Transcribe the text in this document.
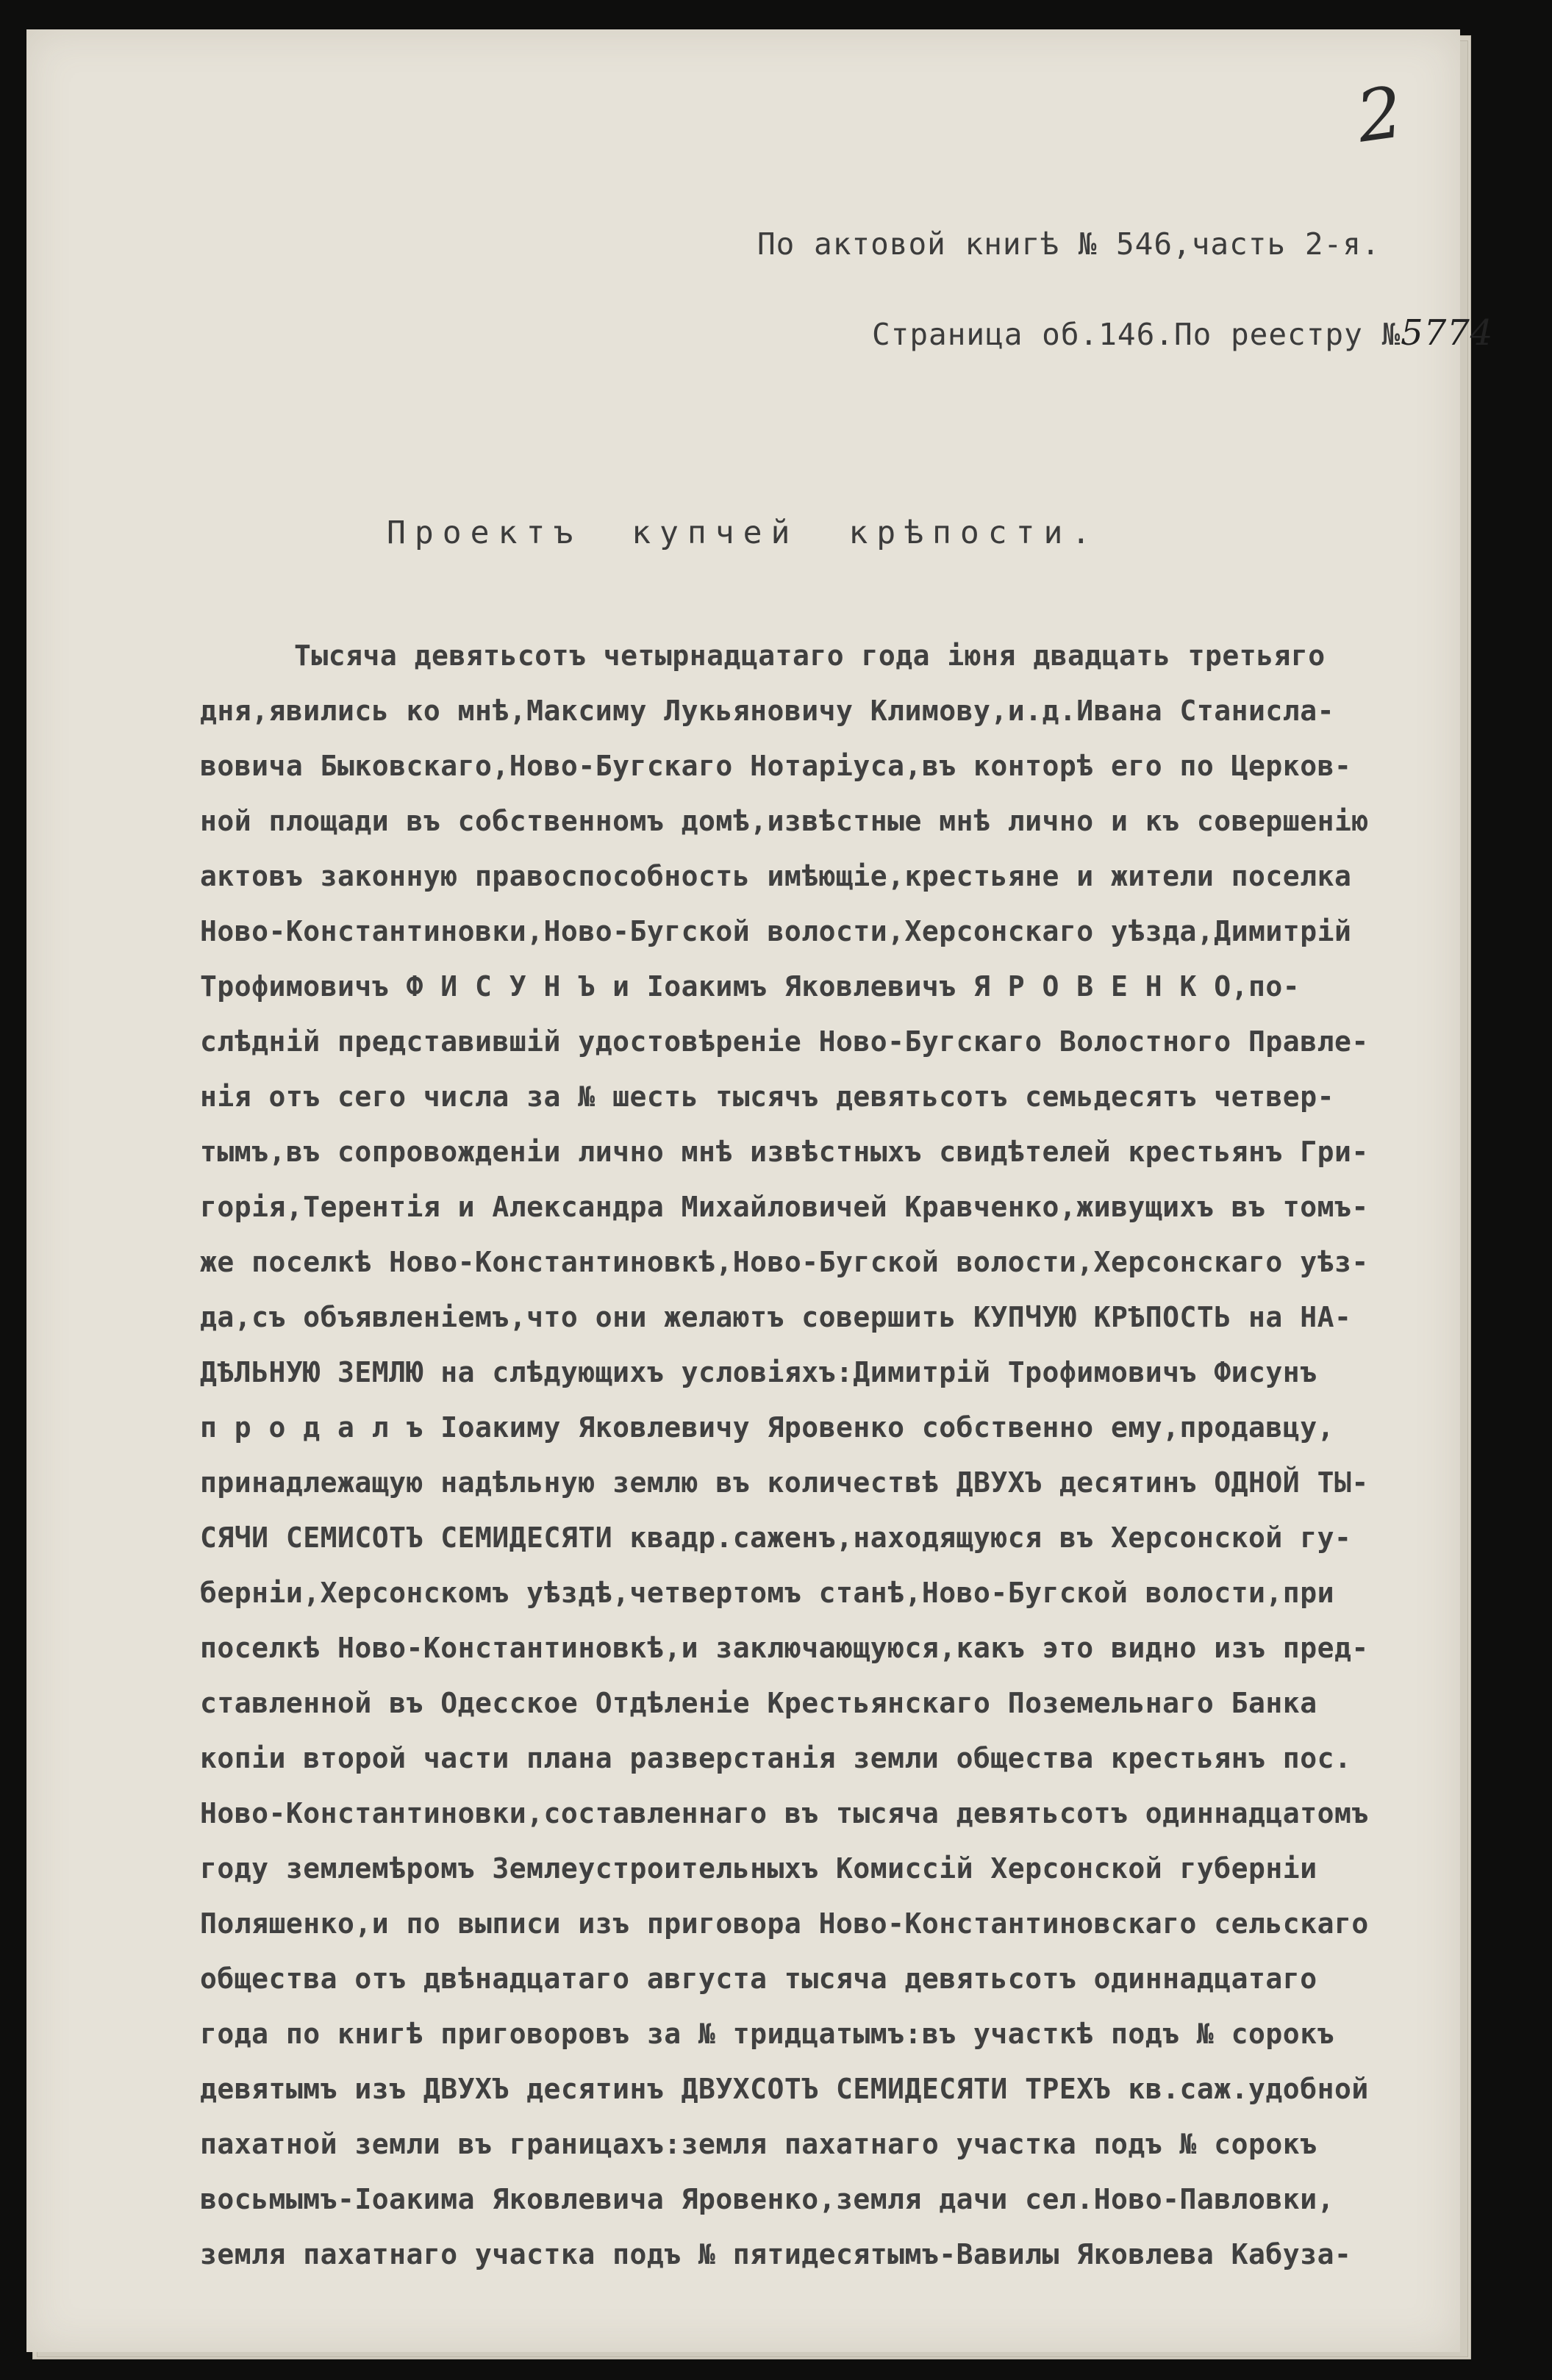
2
По актовой книгѣ № 546,часть 2-я.
Страница об.146.По реестру №5774
Проектъ купчей крѣпости.
Тысяча девятьсотъ четырнадцатаго года iюня двадцать третьяго
дня,явились ко мнѣ,Максиму Лукьяновичу Климову,и.д.Ивана Станисла-
вовича Быковскаго,Ново-Бугскаго Нотарiуса,въ конторѣ его по Церков-
ной площади въ собственномъ домѣ,извѣстные мнѣ лично и къ совершенiю
актовъ законную правоспособность имѣющiе,крестьяне и жители поселка
Ново-Константиновки,Ново-Бугской волости,Херсонскаго уѣзда,Димитрiй
Трофимовичъ Ф И С У Н Ъ и Iоакимъ Яковлевичъ Я Р О В Е Н К О,по-
слѣднiй представившiй удостовѣренiе Ново-Бугскаго Волостного Правле-
нiя отъ сего числа за № шесть тысячъ девятьсотъ семьдесятъ четвер-
тымъ,въ сопровожденiи лично мнѣ извѣстныхъ свидѣтелей крестьянъ Гри-
горiя,Терентiя и Александра Михайловичей Кравченко,живущихъ въ томъ-
же поселкѣ Ново-Константиновкѣ,Ново-Бугской волости,Херсонскаго уѣз-
да,съ объявленiемъ,что они желаютъ совершить КУПЧУЮ КРѢПОСТЬ на НА-
ДѢЛЬНУЮ ЗЕМЛЮ на слѣдующихъ условiяхъ:Димитрiй Трофимовичъ Фисунъ
п р о д а л ъ Iоакиму Яковлевичу Яровенко собственно ему,продавцу,
принадлежащую надѣльную землю въ количествѣ ДВУХЪ десятинъ ОДНОЙ ТЫ-
СЯЧИ СЕМИСОТЪ СЕМИДЕСЯТИ квадр.саженъ,находящуюся въ Херсонской гу-
бернiи,Херсонскомъ уѣздѣ,четвертомъ станѣ,Ново-Бугской волости,при
поселкѣ Ново-Константиновкѣ,и заключающуюся,какъ это видно изъ пред-
ставленной въ Одесское Отдѣленiе Крестьянскаго Поземельнаго Банка
копiи второй части плана разверстанiя земли общества крестьянъ пос.
Ново-Константиновки,составленнаго въ тысяча девятьсотъ одиннадцатомъ
году землемѣромъ Землеустроительныхъ Комиссiй Херсонской губернiи
Поляшенко,и по выписи изъ приговора Ново-Константиновскаго сельскаго
общества отъ двѣнадцатаго августа тысяча девятьсотъ одиннадцатаго
года по книгѣ приговоровъ за № тридцатымъ:въ участкѣ подъ № сорокъ
девятымъ изъ ДВУХЪ десятинъ ДВУХСОТЪ СЕМИДЕСЯТИ ТРЕХЪ кв.саж.удобной
пахатной земли въ границахъ:земля пахатнаго участка подъ № сорокъ
восьмымъ-Iоакима Яковлевича Яровенко,земля дачи сел.Ново-Павловки,
земля пахатнаго участка подъ № пятидесятымъ-Вавилы Яковлева Кабуза-
